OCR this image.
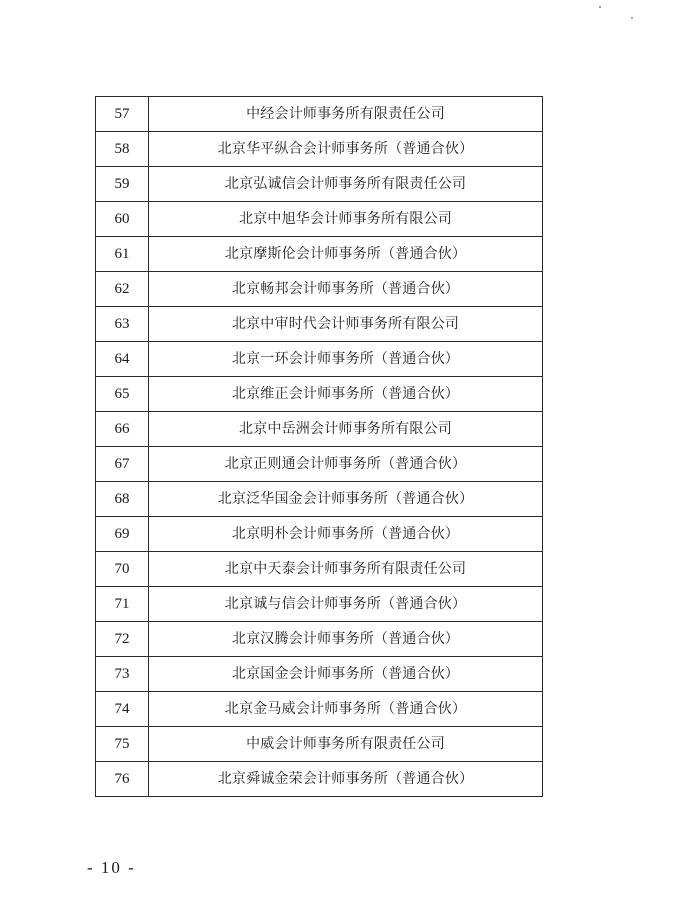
57	中经会计师事务所有限责任公司
58	北京华平纵合会计师事务所（普通合伙）
59	北京弘诚信会计师事务所有限责任公司
60	北京中旭华会计师事务所有限公司
61	北京摩斯伦会计师事务所（普通合伙）
62	北京畅邦会计师事务所（普通合伙）
63	北京中审时代会计师事务所有限公司
64	北京一环会计师事务所（普通合伙）
65	北京维正会计师事务所（普通合伙）
66	北京中岳洲会计师事务所有限公司
67	北京正则通会计师事务所（普通合伙）
68	北京泛华国金会计师事务所（普通合伙）
69	北京明朴会计师事务所（普通合伙）
70	北京中天泰会计师事务所有限责任公司
71	北京诚与信会计师事务所（普通合伙）
72	北京汉腾会计师事务所（普通合伙）
73	北京国金会计师事务所（普通合伙）
74	北京金马威会计师事务所（普通合伙）
75	中威会计师事务所有限责任公司
76	北京舜诚金荣会计师事务所（普通合伙）
- 10 -
